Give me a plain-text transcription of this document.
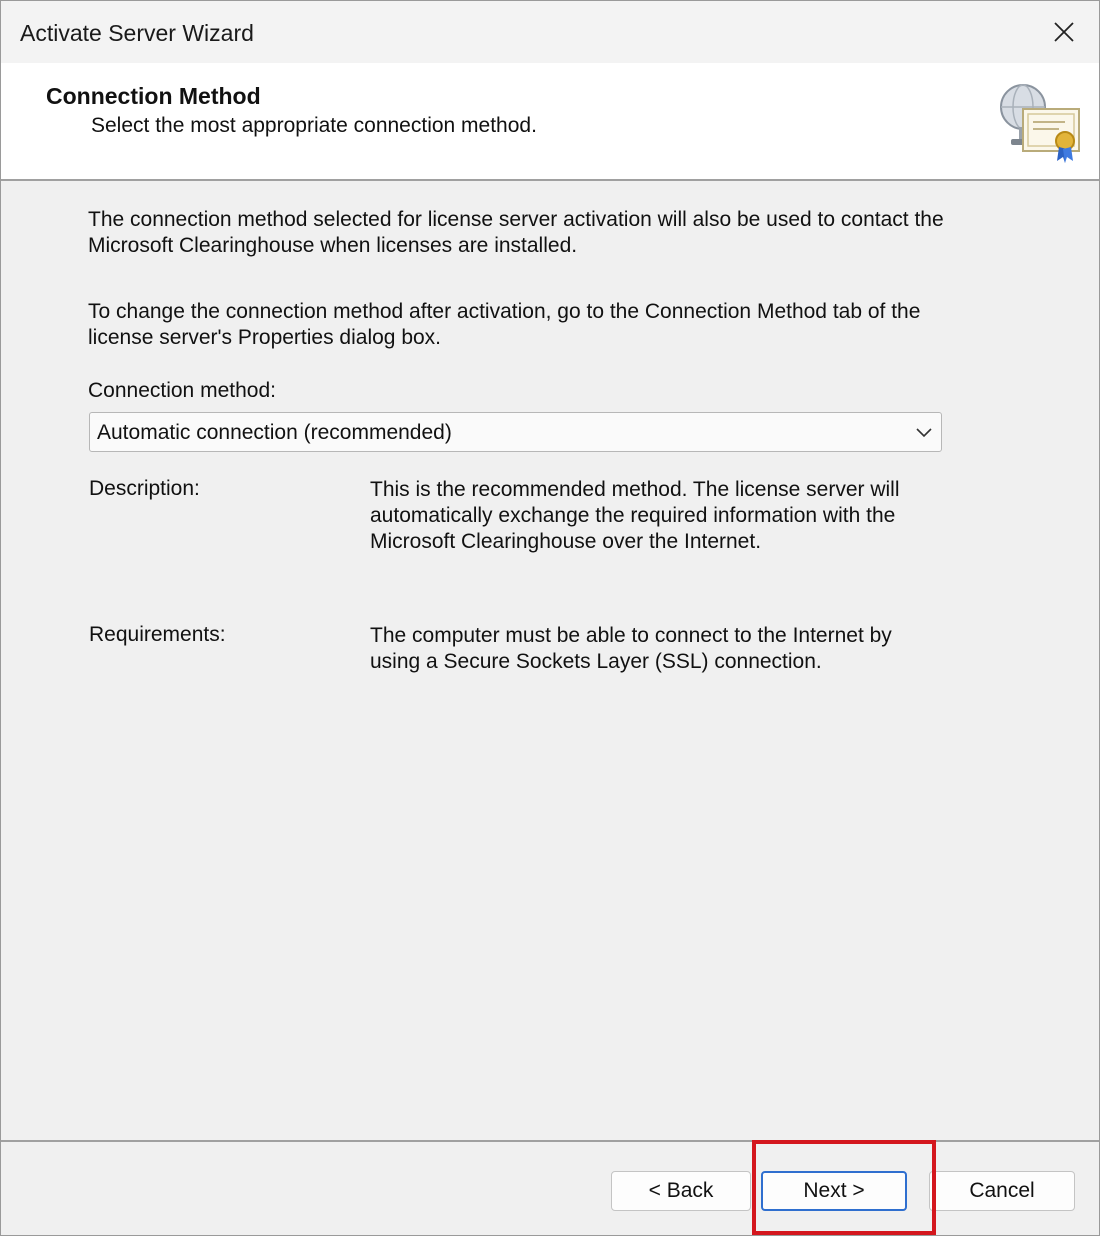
Activate Server Wizard
Connection Method
Select the most appropriate connection method.
The connection method selected for license server activation will also be used to contact the Microsoft Clearinghouse when licenses are installed.
To change the connection method after activation, go to the Connection Method tab of the license server's Properties dialog box.
Connection method:
Automatic connection (recommended)
Description:	This is the recommended method. The license server will automatically exchange the required information with the Microsoft Clearinghouse over the Internet.
Requirements:	The computer must be able to connect to the Internet by using a Secure Sockets Layer (SSL) connection.
< Back	Next >	Cancel
